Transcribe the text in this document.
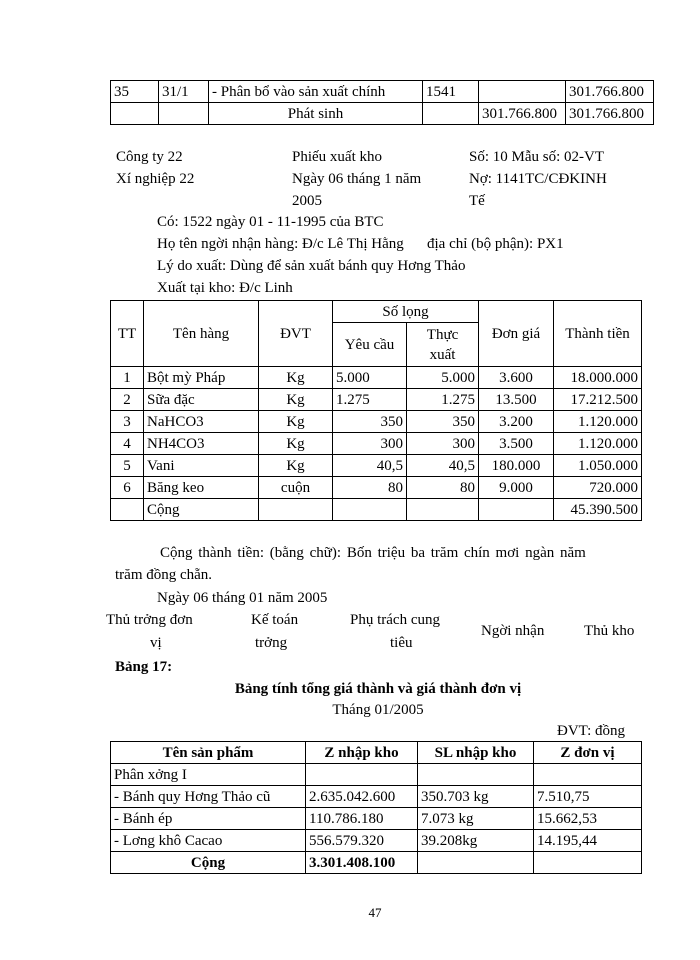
35	31/1	- Phân bổ vào sản xuất chính	1541		301.766.800
		Phát sinh		301.766.800	301.766.800
Công ty 22
Xí nghiệp 22
Phiếu xuất kho
Ngày 06 tháng 1 năm
2005
Số: 10 Mẫu số: 02-VT
Nợ: 1141TC/CĐKINH
Tế
Có: 1522 ngày 01 - 11-1995 của BTC
Họ tên ngời nhận hàng: Đ/c Lê Thị Hằng địa chỉ (bộ phận): PX1
Lý do xuất: Dùng để sản xuất bánh quy Hơng Thảo
Xuất tại kho: Đ/c Linh
TT	Tên hàng	ĐVT	Số lọng		Đơn giá	Thành tiền
			Yêu cầu	Thực
xuất		
1	Bột mỳ Pháp	Kg	5.000	5.000	3.600	18.000.000
2	Sữa đặc	Kg	1.275	1.275	13.500	17.212.500
3	NaHCO3	Kg	350	350	3.200	1.120.000
4	NH4CO3	Kg	300	300	3.500	1.120.000
5	Vani	Kg	40,5	40,5	180.000	1.050.000
6	Băng keo	cuộn	80	80	9.000	720.000
	Cộng					45.390.500
Cộng thành tiền: (bằng chữ): Bốn triệu ba trăm chín mơi ngàn năm
trăm đồng chẵn.
Ngày 06 tháng 01 năm 2005
Thủ trởng đơn
vị
Kế toán
trởng
Phụ trách cung
tiêu
Ngời nhận	Thủ kho
Bảng 17:
Bảng tính tổng giá thành và giá thành đơn vị
Tháng 01/2005
ĐVT: đồng
Tên sản phẩm	Z nhập kho	SL nhập kho	Z đơn vị
Phân xởng I			
- Bánh quy Hơng Thảo cũ	2.635.042.600	350.703 kg	7.510,75
- Bánh ép	110.786.180	7.073 kg	15.662,53
- Lơng khô Cacao	556.579.320	39.208kg	14.195,44
Cộng	3.301.408.100		
47
